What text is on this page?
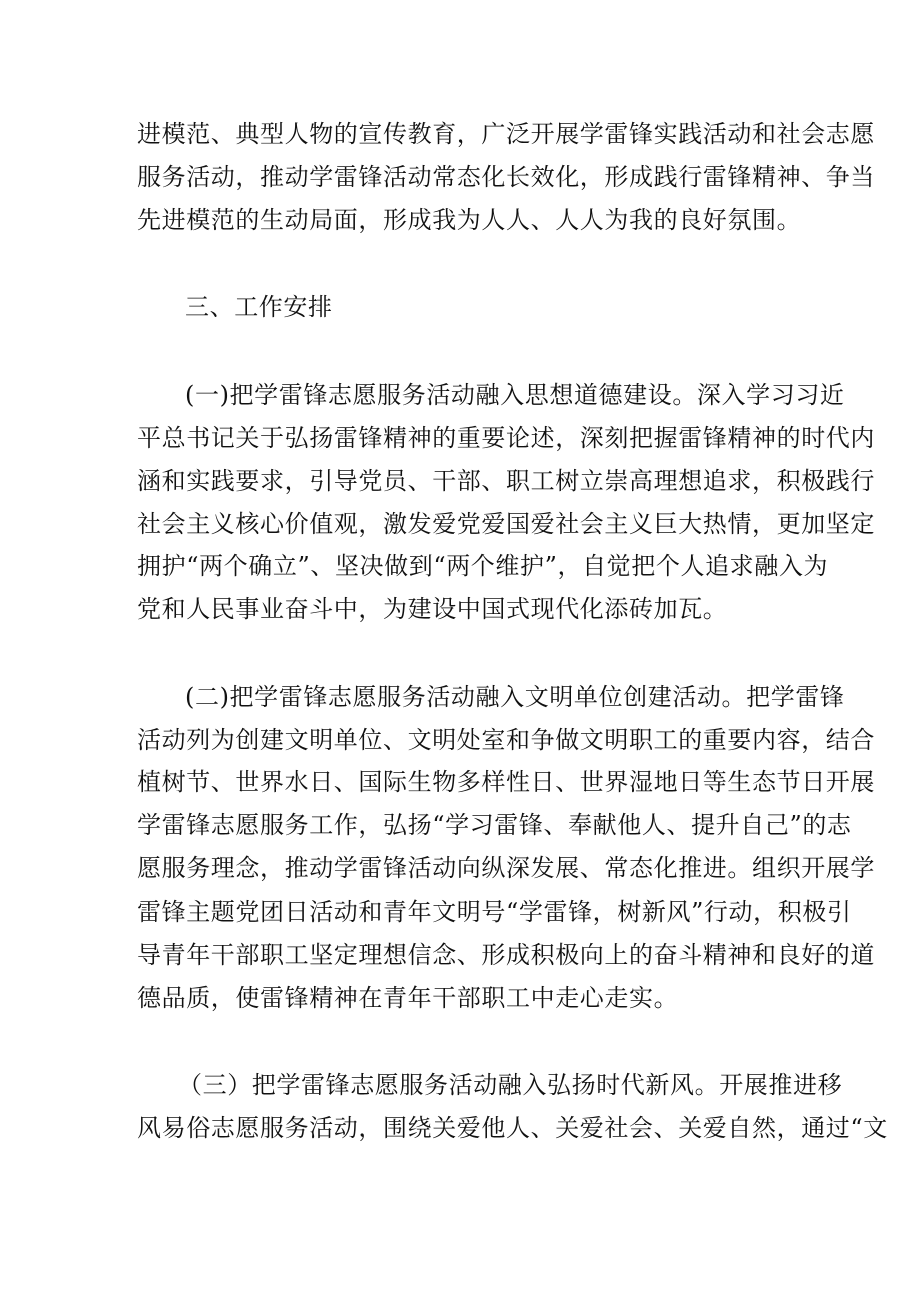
进模范、典型人物的宣传教育，广泛开展学雷锋实践活动和社会志愿
服务活动，推动学雷锋活动常态化长效化，形成践行雷锋精神、争当
先进模范的生动局面，形成我为人人、人人为我的良好氛围。
三、工作安排
(一)把学雷锋志愿服务活动融入思想道德建设。深入学习习近
平总书记关于弘扬雷锋精神的重要论述，深刻把握雷锋精神的时代内
涵和实践要求，引导党员、干部、职工树立崇高理想追求，积极践行
社会主义核心价值观，激发爱党爱国爱社会主义巨大热情，更加坚定
拥护“两个确立”、坚决做到“两个维护”，自觉把个人追求融入为
党和人民事业奋斗中，为建设中国式现代化添砖加瓦。
(二)把学雷锋志愿服务活动融入文明单位创建活动。把学雷锋
活动列为创建文明单位、文明处室和争做文明职工的重要内容，结合
植树节、世界水日、国际生物多样性日、世界湿地日等生态节日开展
学雷锋志愿服务工作，弘扬“学习雷锋、奉献他人、提升自己”的志
愿服务理念，推动学雷锋活动向纵深发展、常态化推进。组织开展学
雷锋主题党团日活动和青年文明号“学雷锋，树新风”行动，积极引
导青年干部职工坚定理想信念、形成积极向上的奋斗精神和良好的道
德品质，使雷锋精神在青年干部职工中走心走实。
（三）把学雷锋志愿服务活动融入弘扬时代新风。开展推进移
风易俗志愿服务活动，围绕关爱他人、关爱社会、关爱自然，通过“文
